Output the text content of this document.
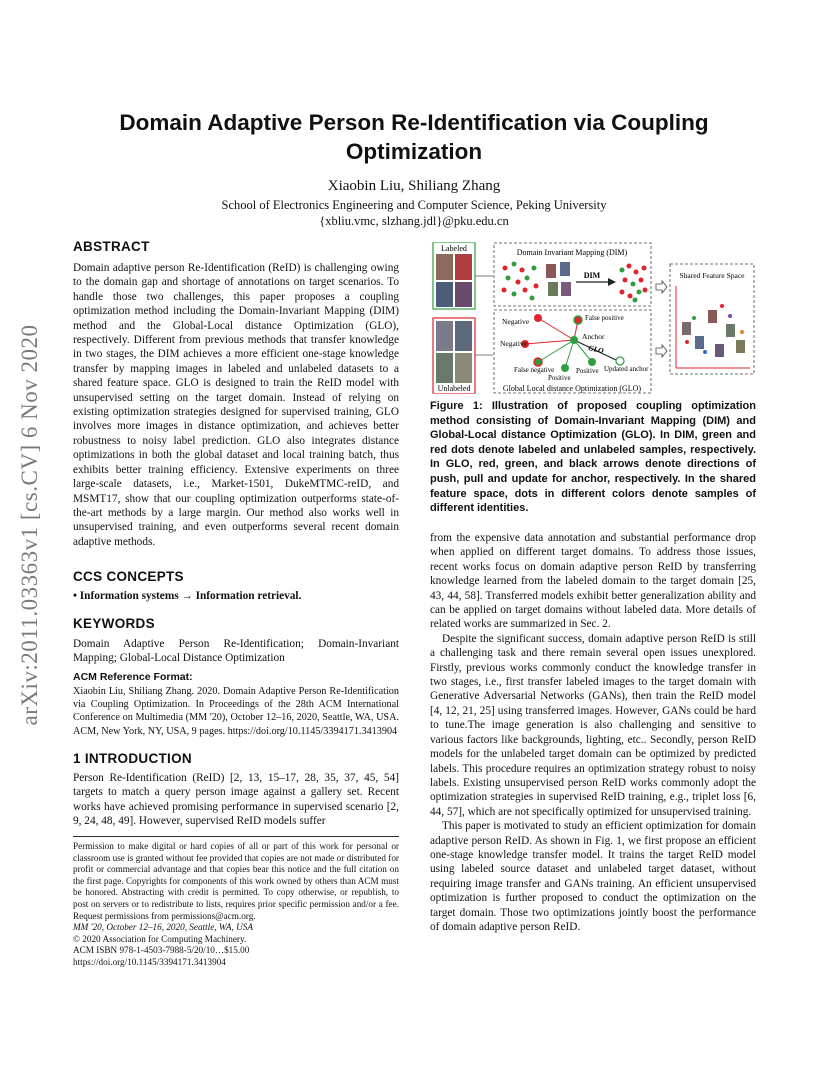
arXiv:2011.03363v1 [cs.CV] 6 Nov 2020
Domain Adaptive Person Re-Identification via Coupling Optimization
Xiaobin Liu, Shiliang Zhang
School of Electronics Engineering and Computer Science, Peking University
{xbliu.vmc, slzhang.jdl}@pku.edu.cn
ABSTRACT
Domain adaptive person Re-Identification (ReID) is challenging owing to the domain gap and shortage of annotations on target scenarios. To handle those two challenges, this paper proposes a coupling optimization method including the Domain-Invariant Mapping (DIM) method and the Global-Local distance Optimization (GLO), respectively. Different from previous methods that transfer knowledge in two stages, the DIM achieves a more efficient one-stage knowledge transfer by mapping images in labeled and unlabeled datasets to a shared feature space. GLO is designed to train the ReID model with unsupervised setting on the target domain. Instead of relying on existing optimization strategies designed for supervised training, GLO involves more images in distance optimization, and achieves better robustness to noisy label prediction. GLO also integrates distance optimizations in both the global dataset and local training batch, thus exhibits better training efficiency. Extensive experiments on three large-scale datasets, i.e., Market-1501, DukeMTMC-reID, and MSMT17, show that our coupling optimization outperforms state-of-the-art methods by a large margin. Our method also works well in unsupervised training, and even outperforms several recent domain adaptive methods.
CCS CONCEPTS
• Information systems → Information retrieval.
KEYWORDS
Domain Adaptive Person Re-Identification; Domain-Invariant Mapping; Global-Local Distance Optimization
ACM Reference Format:
Xiaobin Liu, Shiliang Zhang. 2020. Domain Adaptive Person Re-Identification via Coupling Optimization. In Proceedings of the 28th ACM International Conference on Multimedia (MM '20), October 12–16, 2020, Seattle, WA, USA. ACM, New York, NY, USA, 9 pages. https://doi.org/10.1145/3394171.3413904
1 INTRODUCTION
Person Re-Identification (ReID) [2, 13, 15–17, 28, 35, 37, 45, 54] targets to match a query person image against a gallery set. Recent works have achieved promising performance in supervised scenario [2, 9, 24, 48, 49]. However, supervised ReID models suffer
Permission to make digital or hard copies of all or part of this work for personal or classroom use is granted without fee provided that copies are not made or distributed for profit or commercial advantage and that copies bear this notice and the full citation on the first page. Copyrights for components of this work owned by others than ACM must be honored. Abstracting with credit is permitted. To copy otherwise, or republish, to post on servers or to redistribute to lists, requires prior specific permission and/or a fee. Request permissions from permissions@acm.org.
MM '20, October 12–16, 2020, Seattle, WA, USA
© 2020 Association for Computing Machinery.
ACM ISBN 978-1-4503-7988-5/20/10…$15.00
https://doi.org/10.1145/3394171.3413904
Labeled
Unlabeled
Domain Invariant Mapping (DIM)
DIM
Global Local distance Optimization (GLO)
Negative
Negative
False positive
Anchor
GLO
False negative
Positive
Positive Updated anchor
Shared Feature Space
Figure 1: Illustration of proposed coupling optimization method consisting of Domain-Invariant Mapping (DIM) and Global-Local distance Optimization (GLO). In DIM, green and red dots denote labeled and unlabeled samples, respectively. In GLO, red, green, and black arrows denote directions of push, pull and update for anchor, respectively. In the shared feature space, dots in different colors denote samples of different identities.

from the expensive data annotation and substantial performance drop when applied on different target domains. To address those issues, recent works focus on domain adaptive person ReID by transferring knowledge learned from the labeled domain to the target domain [25, 43, 44, 58]. Transferred models exhibit better generalization ability and can be applied on target domains without labeled data. More details of related works are summarized in Sec. 2.

Despite the significant success, domain adaptive person ReID is still a challenging task and there remain several open issues unexplored. Firstly, previous works commonly conduct the knowledge transfer in two stages, i.e., first transfer labeled images to the target domain with Generative Adversarial Networks (GANs), then train the ReID model [4, 12, 21, 25] using transferred images. However, GANs could be hard to tune.The image generation is also challenging and sensitive to various factors like backgrounds, lighting, etc.. Secondly, person ReID models for the unlabeled target domain can be optimized by predicted labels. This procedure requires an optimization strategy robust to noisy labels. Existing unsupervised person ReID works commonly adopt the optimization strategies in supervised ReID training, e.g., triplet loss [6, 44, 57], which are not specifically optimized for unsupervised training.

This paper is motivated to study an efficient optimization for domain adaptive person ReID. As shown in Fig. 1, we first propose an efficient one-stage knowledge transfer model. It trains the target ReID model using labeled source dataset and unlabeled target dataset, without requiring image transfer and GANs training. An efficient unsupervised optimization is further proposed to conduct the optimization on the target domain. Those two optimizations jointly boost the performance of domain adaptive person ReID.
